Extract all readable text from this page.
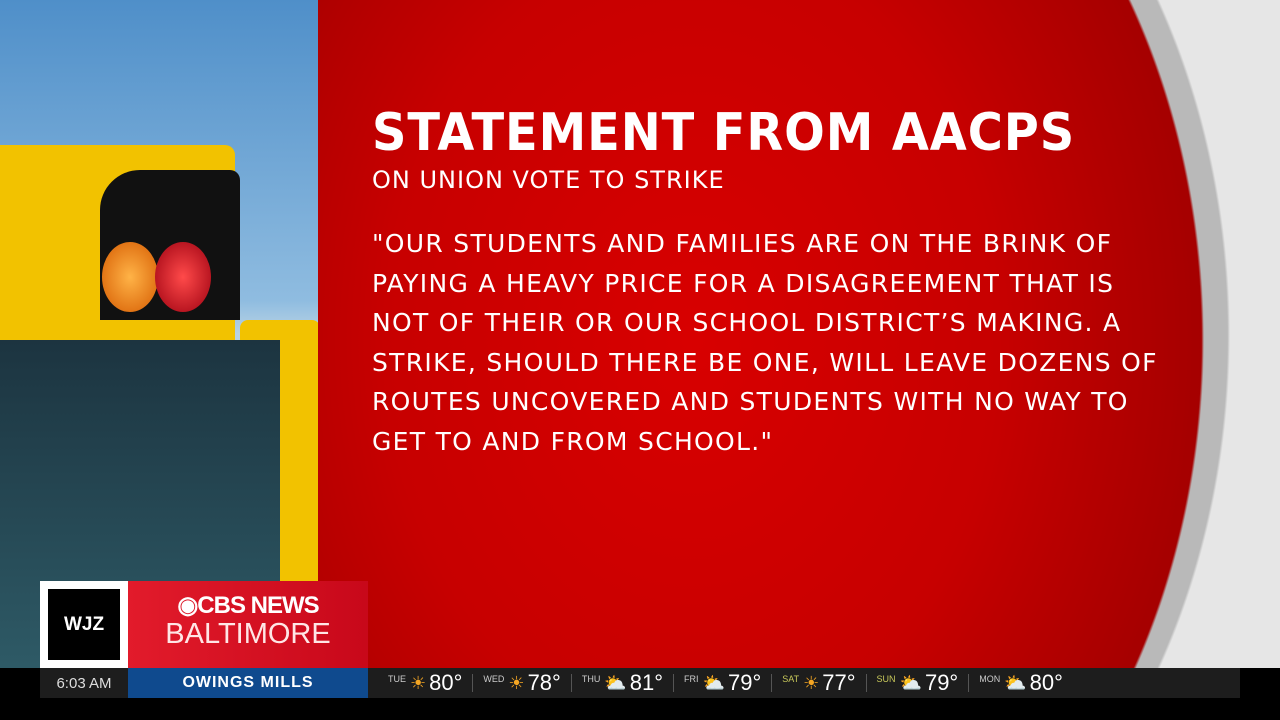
STATEMENT FROM AACPS
ON UNION VOTE TO STRIKE
"OUR STUDENTS AND FAMILIES ARE ON THE BRINK OF PAYING A HEAVY PRICE FOR A DISAGREEMENT THAT IS NOT OF THEIR OR OUR SCHOOL DISTRICT’S MAKING. A STRIKE, SHOULD THERE BE ONE, WILL LEAVE DOZENS OF ROUTES UNCOVERED AND STUDENTS WITH NO WAY TO GET TO AND FROM SCHOOL."
WJZ
◉CBS NEWS
BALTIMORE
6:03 AM	OWINGS MILLS	TUE ☀ 80° WED ☀ 78° THU ⛅ 81° FRI ⛅ 79° SAT ☀ 77° SUN ⛅ 79° MON ⛅ 80°
